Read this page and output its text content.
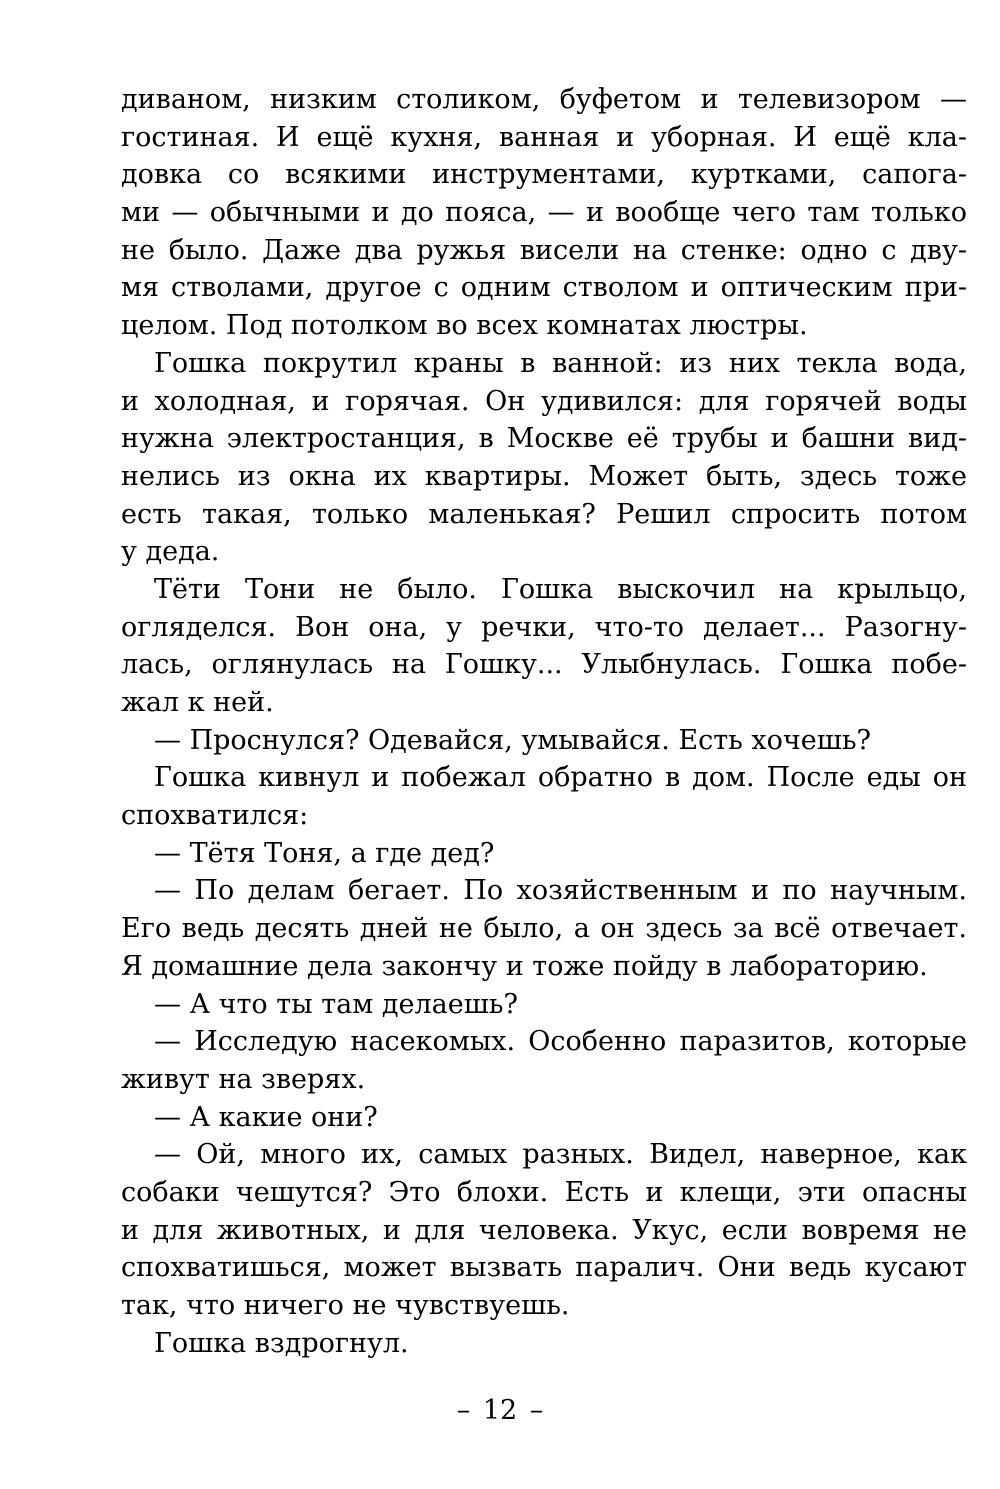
диваном, низким столиком, буфетом и телевизором —
гостиная. И ещё кухня, ванная и уборная. И ещё кла-
довка со всякими инструментами, куртками, сапога-
ми — обычными и до пояса, — и вообще чего там только
не было. Даже два ружья висели на стенке: одно с дву-
мя стволами, другое с одним стволом и оптическим при-
целом. Под потолком во всех комнатах люстры.
Гошка покрутил краны в ванной: из них текла вода,
и холодная, и горячая. Он удивился: для горячей воды
нужна электростанция, в Москве её трубы и башни вид-
нелись из окна их квартиры. Может быть, здесь тоже
есть такая, только маленькая? Решил спросить потом
у деда.
Тёти Тони не было. Гошка выскочил на крыльцо,
огляделся. Вон она, у речки, что-то делает... Разогну-
лась, оглянулась на Гошку... Улыбнулась. Гошка побе-
жал к ней.
— Проснулся? Одевайся, умывайся. Есть хочешь?
Гошка кивнул и побежал обратно в дом. После еды он
спохватился:
— Тётя Тоня, а где дед?
— По делам бегает. По хозяйственным и по научным.
Его ведь десять дней не было, а он здесь за всё отвечает.
Я домашние дела закончу и тоже пойду в лабораторию.
— А что ты там делаешь?
— Исследую насекомых. Особенно паразитов, которые
живут на зверях.
— А какие они?
— Ой, много их, самых разных. Видел, наверное, как
собаки чешутся? Это блохи. Есть и клещи, эти опасны
и для животных, и для человека. Укус, если вовремя не
спохватишься, может вызвать паралич. Они ведь кусают
так, что ничего не чувствуешь.
Гошка вздрогнул.
– 12 –
